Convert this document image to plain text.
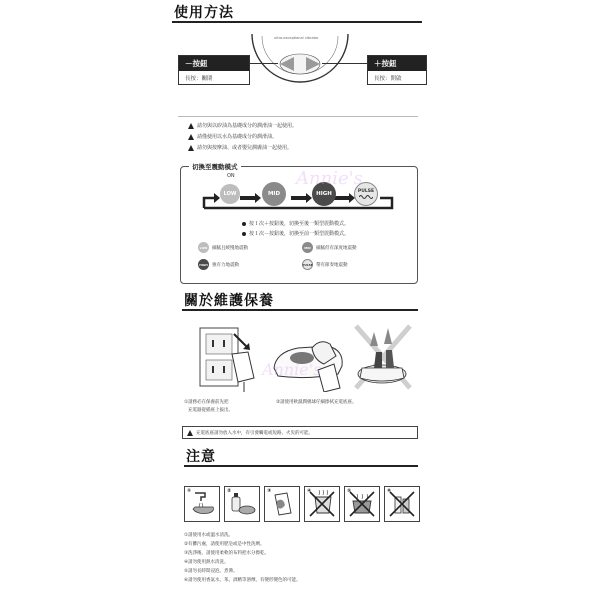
使用方法
ultra-exceptional vibrator
－按鈕
長按：關閉
＋按鈕
長按：開啟
請勿與以矽油為基礎成分的潤滑油一起使用。
請僅使用以水為基礎成分的潤滑油。
請勿與按摩油、或者嬰兒潤膚油一起使用。
切換至震動模式
ON
LOW	MID	HIGH	PULSE
按１次＋按鈕後，切換至後一類型震動模式。
按１次－按鈕後，切換至前一類型震動模式。
LOW	細膩且緩慢地震動	MID	細膩但有深度地震動
HIGH 強有力地震動	PULSE 帶有節奏地震動
關於維護保養
①請務必在保養前先把
充電器從插座上拔出。
②請使用軟濕潤棉球仔細擦拭充電底座。
充電底座請勿放入水中，有引發觸電或短路、火災的可能。
注意
①	②	③	④	⑤	⑥
①請使用水或溫水清洗。
②有髒污處，請使用肥皂或是中性洗劑。
③洗淨後，請使用柔軟的布料把水分擦乾。
④請勿使用熱水清洗。
⑤請勿長時間浸泡、煮沸。
⑥請勿使用香氣水、苯、酒精等溶劑，有變形變色的可能。
Annie's
Annie's
